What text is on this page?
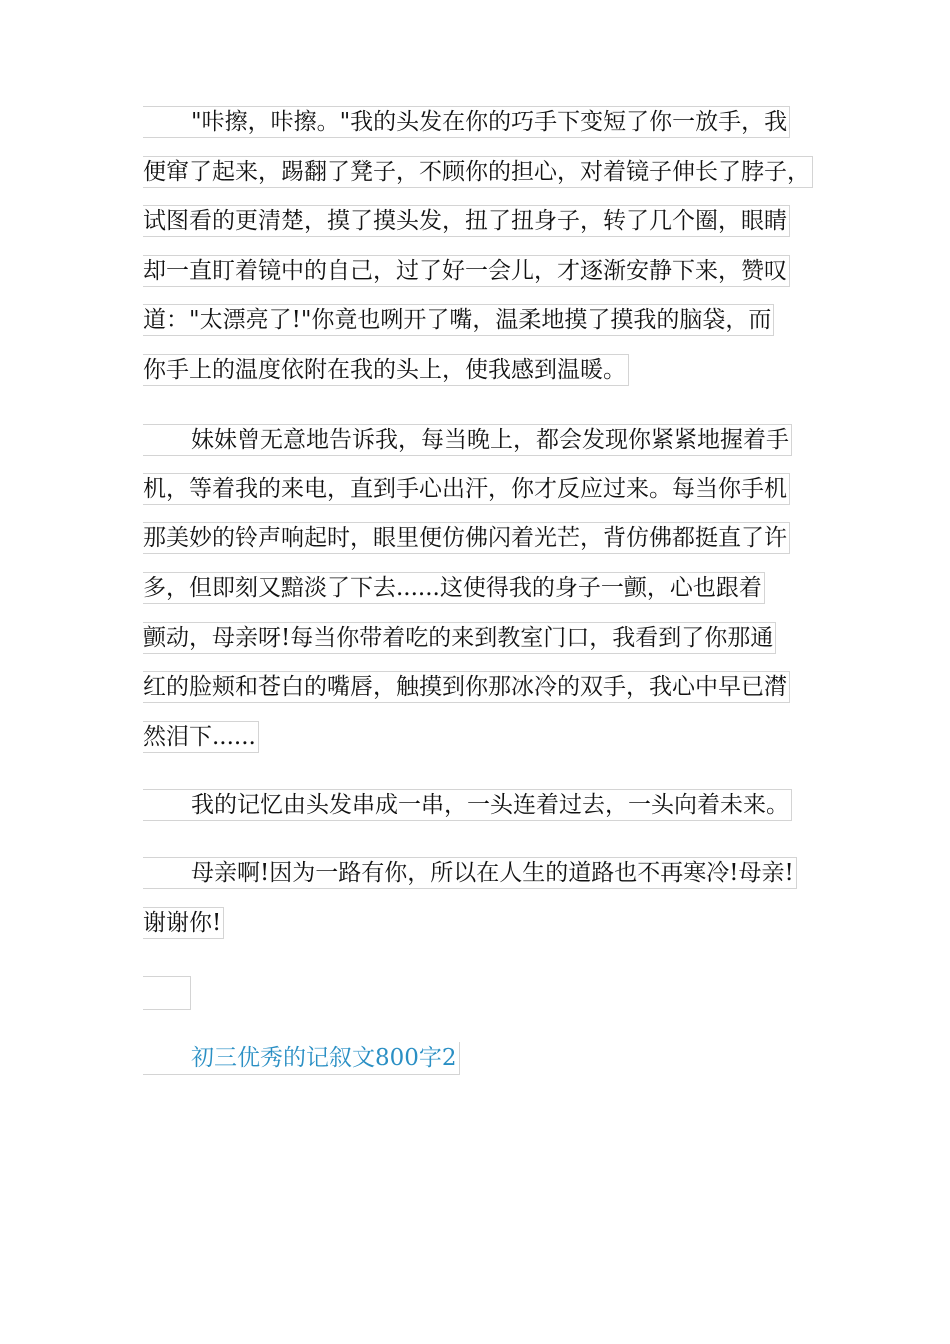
"咔擦，咔擦。"我的头发在你的巧手下变短了你一放手，我
便窜了起来，踢翻了凳子，不顾你的担心，对着镜子伸长了脖子，
试图看的更清楚，摸了摸头发，扭了扭身子，转了几个圈，眼睛
却一直盯着镜中的自己，过了好一会儿，才逐渐安静下来，赞叹
道："太漂亮了!"你竟也咧开了嘴，温柔地摸了摸我的脑袋，而
你手上的温度依附在我的头上，使我感到温暖。
妹妹曾无意地告诉我，每当晚上，都会发现你紧紧地握着手
机，等着我的来电，直到手心出汗，你才反应过来。每当你手机
那美妙的铃声响起时，眼里便仿佛闪着光芒，背仿佛都挺直了许
多，但即刻又黯淡了下去......这使得我的身子一颤，心也跟着
颤动，母亲呀!每当你带着吃的来到教室门口，我看到了你那通
红的脸颊和苍白的嘴唇，触摸到你那冰冷的双手，我心中早已潸
然泪下......
我的记忆由头发串成一串，一头连着过去，一头向着未来。
母亲啊!因为一路有你，所以在人生的道路也不再寒冷!母亲!
谢谢你!
初三优秀的记叙文800字2
